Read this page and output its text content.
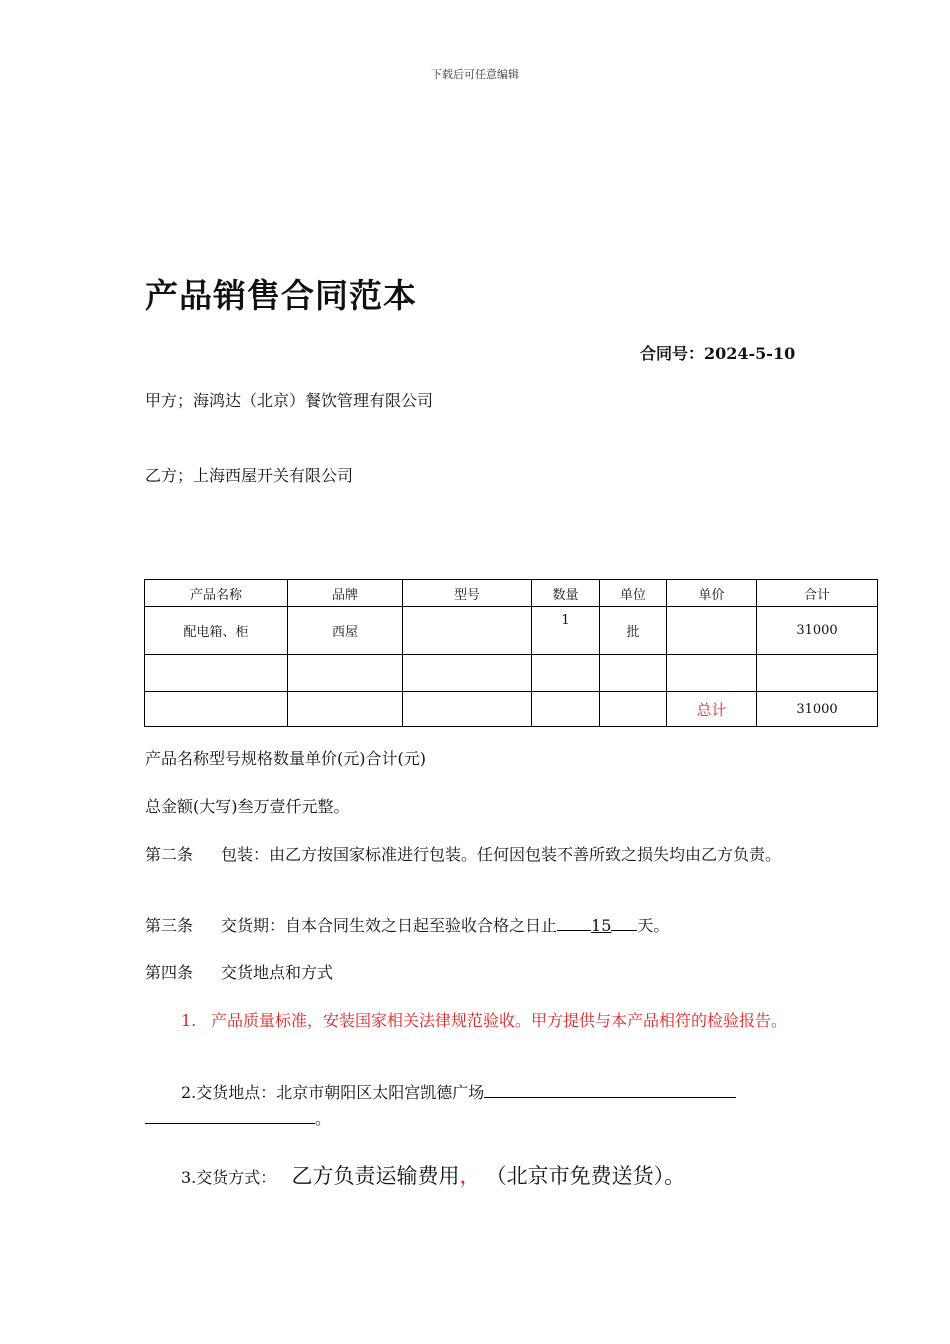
下载后可任意编辑
产品销售合同范本
合同号：2024-5-10
甲方；海鸿达（北京）餐饮管理有限公司
乙方；上海西屋开关有限公司
产品名称	品牌	型号	数量	单位	单价	合计
配电箱、柜	西屋		1	批		31000

					总计	31000
产品名称型号规格数量单价(元)合计(元)
总金额(大写)叁万壹仟元整。
第二条	包装：由乙方按国家标准进行包装。任何因包装不善所致之损失均由乙方负责。
第三条	交货期：自本合同生效之日起至验收合格之日止 15 天。
第四条	交货地点和方式
1. 产品质量标准，安装国家相关法律规范验收。甲方提供与本产品相符的检验报告。
2.交货地点：北京市朝阳区太阳宫凯德广场
。
3.交货方式： 乙方负责运输费用， （北京市免费送货）。
